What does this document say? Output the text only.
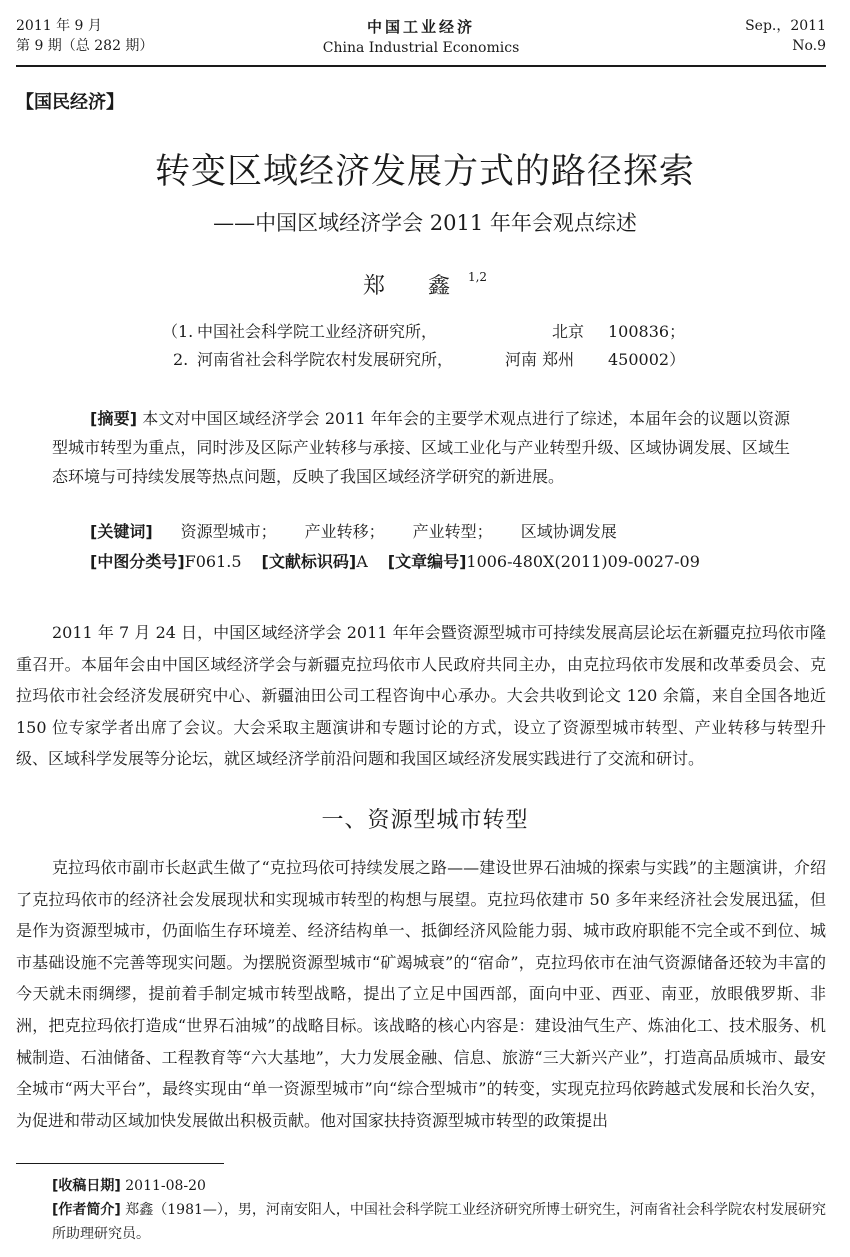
2011 年 9 月
第 9 期（总 282 期）
中国工业经济
China Industrial Economics
Sep.，2011
No.9
【国民经济】
转变区域经济发展方式的路径探索
——中国区域经济学会 2011 年年会观点综述
郑 鑫$^{1,2}$
（1. 中国社会科学院工业经济研究所，	北京 100836；
2. 河南省社会科学院农村发展研究所，	河南 郑州 450002）
[摘要] 本文对中国区域经济学会 2011 年年会的主要学术观点进行了综述，本届年会的议题以资源型城市转型为重点，同时涉及区际产业转移与承接、区域工业化与产业转型升级、区域协调发展、区域生态环境与可持续发展等热点问题，反映了我国区域经济学研究的新进展。
[关键词] 资源型城市； 产业转移； 产业转型； 区域协调发展
[中图分类号]F061.5 [文献标识码]A [文章编号]1006-480X(2011)09-0027-09
2011 年 7 月 24 日，中国区域经济学会 2011 年年会暨资源型城市可持续发展高层论坛在新疆克拉玛依市隆重召开。本届年会由中国区域经济学会与新疆克拉玛依市人民政府共同主办，由克拉玛依市发展和改革委员会、克拉玛依市社会经济发展研究中心、新疆油田公司工程咨询中心承办。大会共收到论文 120 余篇，来自全国各地近 150 位专家学者出席了会议。大会采取主题演讲和专题讨论的方式，设立了资源型城市转型、产业转移与转型升级、区域科学发展等分论坛，就区域经济学前沿问题和我国区域经济发展实践进行了交流和研讨。
一、资源型城市转型
克拉玛依市副市长赵武生做了“克拉玛依可持续发展之路——建设世界石油城的探索与实践”的主题演讲，介绍了克拉玛依市的经济社会发展现状和实现城市转型的构想与展望。克拉玛依建市 50 多年来经济社会发展迅猛，但是作为资源型城市，仍面临生存环境差、经济结构单一、抵御经济风险能力弱、城市政府职能不完全或不到位、城市基础设施不完善等现实问题。为摆脱资源型城市“矿竭城衰”的“宿命”，克拉玛依市在油气资源储备还较为丰富的今天就未雨绸缪，提前着手制定城市转型战略，提出了立足中国西部，面向中亚、西亚、南亚，放眼俄罗斯、非洲，把克拉玛依打造成“世界石油城”的战略目标。该战略的核心内容是：建设油气生产、炼油化工、技术服务、机械制造、石油储备、工程教育等“六大基地”，大力发展金融、信息、旅游“三大新兴产业”，打造高品质城市、最安全城市“两大平台”，最终实现由“单一资源型城市”向“综合型城市”的转变，实现克拉玛依跨越式发展和长治久安，为促进和带动区域加快发展做出积极贡献。他对国家扶持资源型城市转型的政策提出
[收稿日期] 2011-08-20
[作者简介] 郑鑫（1981—），男，河南安阳人，中国社会科学院工业经济研究所博士研究生，河南省社会科学院农村发展研究所助理研究员。
